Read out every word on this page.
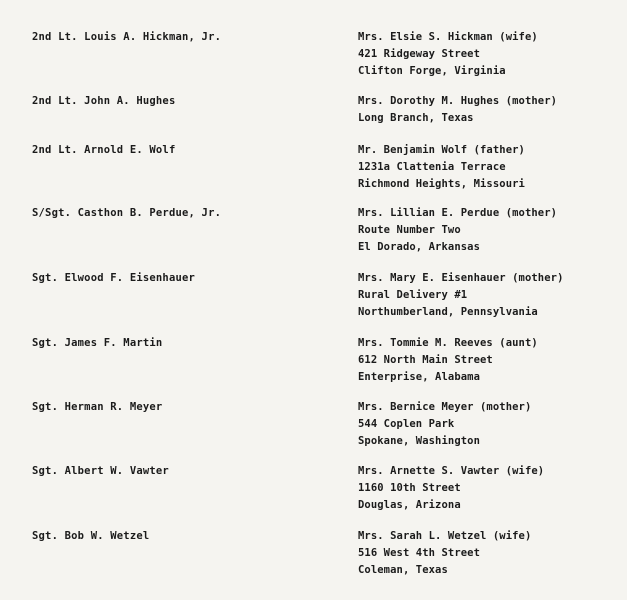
2nd Lt. Louis A. Hickman, Jr.	Mrs. Elsie S. Hickman (wife)
421 Ridgeway Street
Clifton Forge, Virginia
2nd Lt. John A. Hughes	Mrs. Dorothy M. Hughes (mother)
Long Branch, Texas
2nd Lt. Arnold E. Wolf	Mr. Benjamin Wolf (father)
1231a Clattenia Terrace
Richmond Heights, Missouri
S/Sgt. Casthon B. Perdue, Jr.	Mrs. Lillian E. Perdue (mother)
Route Number Two
El Dorado, Arkansas
Sgt. Elwood F. Eisenhauer	Mrs. Mary E. Eisenhauer (mother)
Rural Delivery #1
Northumberland, Pennsylvania
Sgt. James F. Martin	Mrs. Tommie M. Reeves (aunt)
612 North Main Street
Enterprise, Alabama
Sgt. Herman R. Meyer	Mrs. Bernice Meyer (mother)
544 Coplen Park
Spokane, Washington
Sgt. Albert W. Vawter	Mrs. Arnette S. Vawter (wife)
1160 10th Street
Douglas, Arizona
Sgt. Bob W. Wetzel	Mrs. Sarah L. Wetzel (wife)
516 West 4th Street
Coleman, Texas
